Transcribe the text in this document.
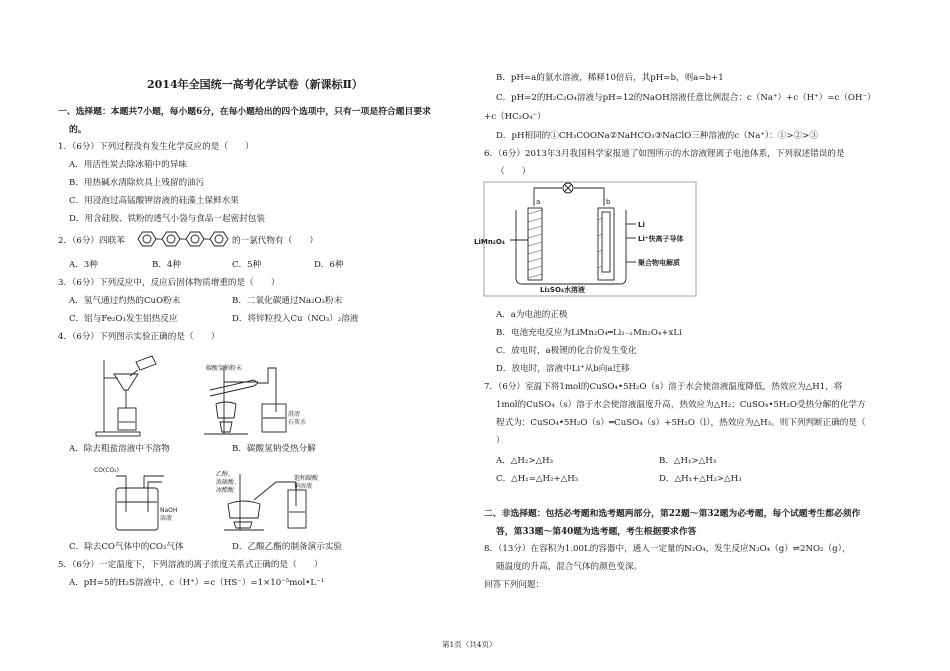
2014年全国统一高考化学试卷（新课标Ⅱ）
一、选择题：本题共7小题，每小题6分，在每小题给出的四个选项中，只有一项是符合题目要求
的。
1．（6分）下列过程没有发生化学反应的是（　　）
A．用活性炭去除冰箱中的异味
B．用热碱水清除炊具上残留的油污
C．用浸泡过高锰酸钾溶液的硅藻土保鲜水果
D．用含硅胶、铁粉的透气小袋与食品一起密封包装
2．（6分）四联苯	的一氯代物有（　　）
A．3种	B．4种	C．5种	D．6种
3．（6分）下列反应中，反应后固体物质增重的是（　　）
A．氢气通过灼热的CuO粉末	B．二氧化碳通过Na₂O₂粉末
C．铝与Fe₂O₃发生铝热反应	D．将锌粒投入Cu（NO₃）₂溶液
4．（6分）下列图示实验正确的是（　　）
碳酸氢钠粉末
澄清
石灰水
A．除去粗盐溶液中不溶物	B．碳酸氢钠受热分解
CO(CO₂)
NaOH
溶液
乙醇、
浓硫酸、
冰醋酸
饱和碳酸
钠溶液
C．除去CO气体中的CO₂气体	D．乙酸乙酯的制备演示实验
5．（6分）一定温度下，下列溶液的离子浓度关系式正确的是（　　）
A．pH=5的H₂S溶液中，c（H⁺）=c（HS⁻）=1×10⁻⁵mol•L⁻¹
B．pH=a的氨水溶液，稀释10倍后，其pH=b，则a=b+1
C．pH=2的H₂C₂O₄溶液与pH=12的NaOH溶液任意比例混合：c（Na⁺）+c（H⁺）=c（OH⁻）
+c（HC₂O₄⁻）
D．pH相同的①CH₃COONa②NaHCO₃③NaClO三种溶液的c（Na⁺）：①>②>③
6．（6分）2013年3月我国科学家报道了如图所示的水溶液锂离子电池体系，下列叙述错误的是
（　　）
a	b
LiMn₂O₄
Li
Li⁺快离子导体
聚合物电解质
Li₂SO₄水溶液
A．a为电池的正极
B．电池充电反应为LiMn₂O₄═Li₁₋ₓMn₂O₄+xLi
C．放电时，a极锂的化合价发生变化
D．放电时，溶液中Li⁺从b向a迁移
7．（6分）室温下将1mol的CuSO₄•5H₂O（s）溶于水会使溶液温度降低，热效应为△H1，将
1mol的CuSO₄（s）溶于水会使溶液温度升高，热效应为△H₂；CuSO₄•5H₂O受热分解的化学方
程式为：CuSO₄•5H₂O（s）═CuSO₄（s）+5H₂O（l），热效应为△H₃。则下列判断正确的是（
）
A．△H₂>△H₃	B．△H₁>△H₃
C．△H₁=△H₂+△H₃	D．△H₁+△H₂>△H₃
二、非选择题：包括必考题和选考题两部分，第22题～第32题为必考题，每个试题考生都必须作
答，第33题～第40题为选考题，考生根据要求作答
8．（13分）在容积为1.00L的容器中，通入一定量的N₂O₄，发生反应N₂O₄（g）⇌2NO₂（g），
随温度的升高，混合气体的颜色变深。
回答下列问题：
第1页（共4页）
